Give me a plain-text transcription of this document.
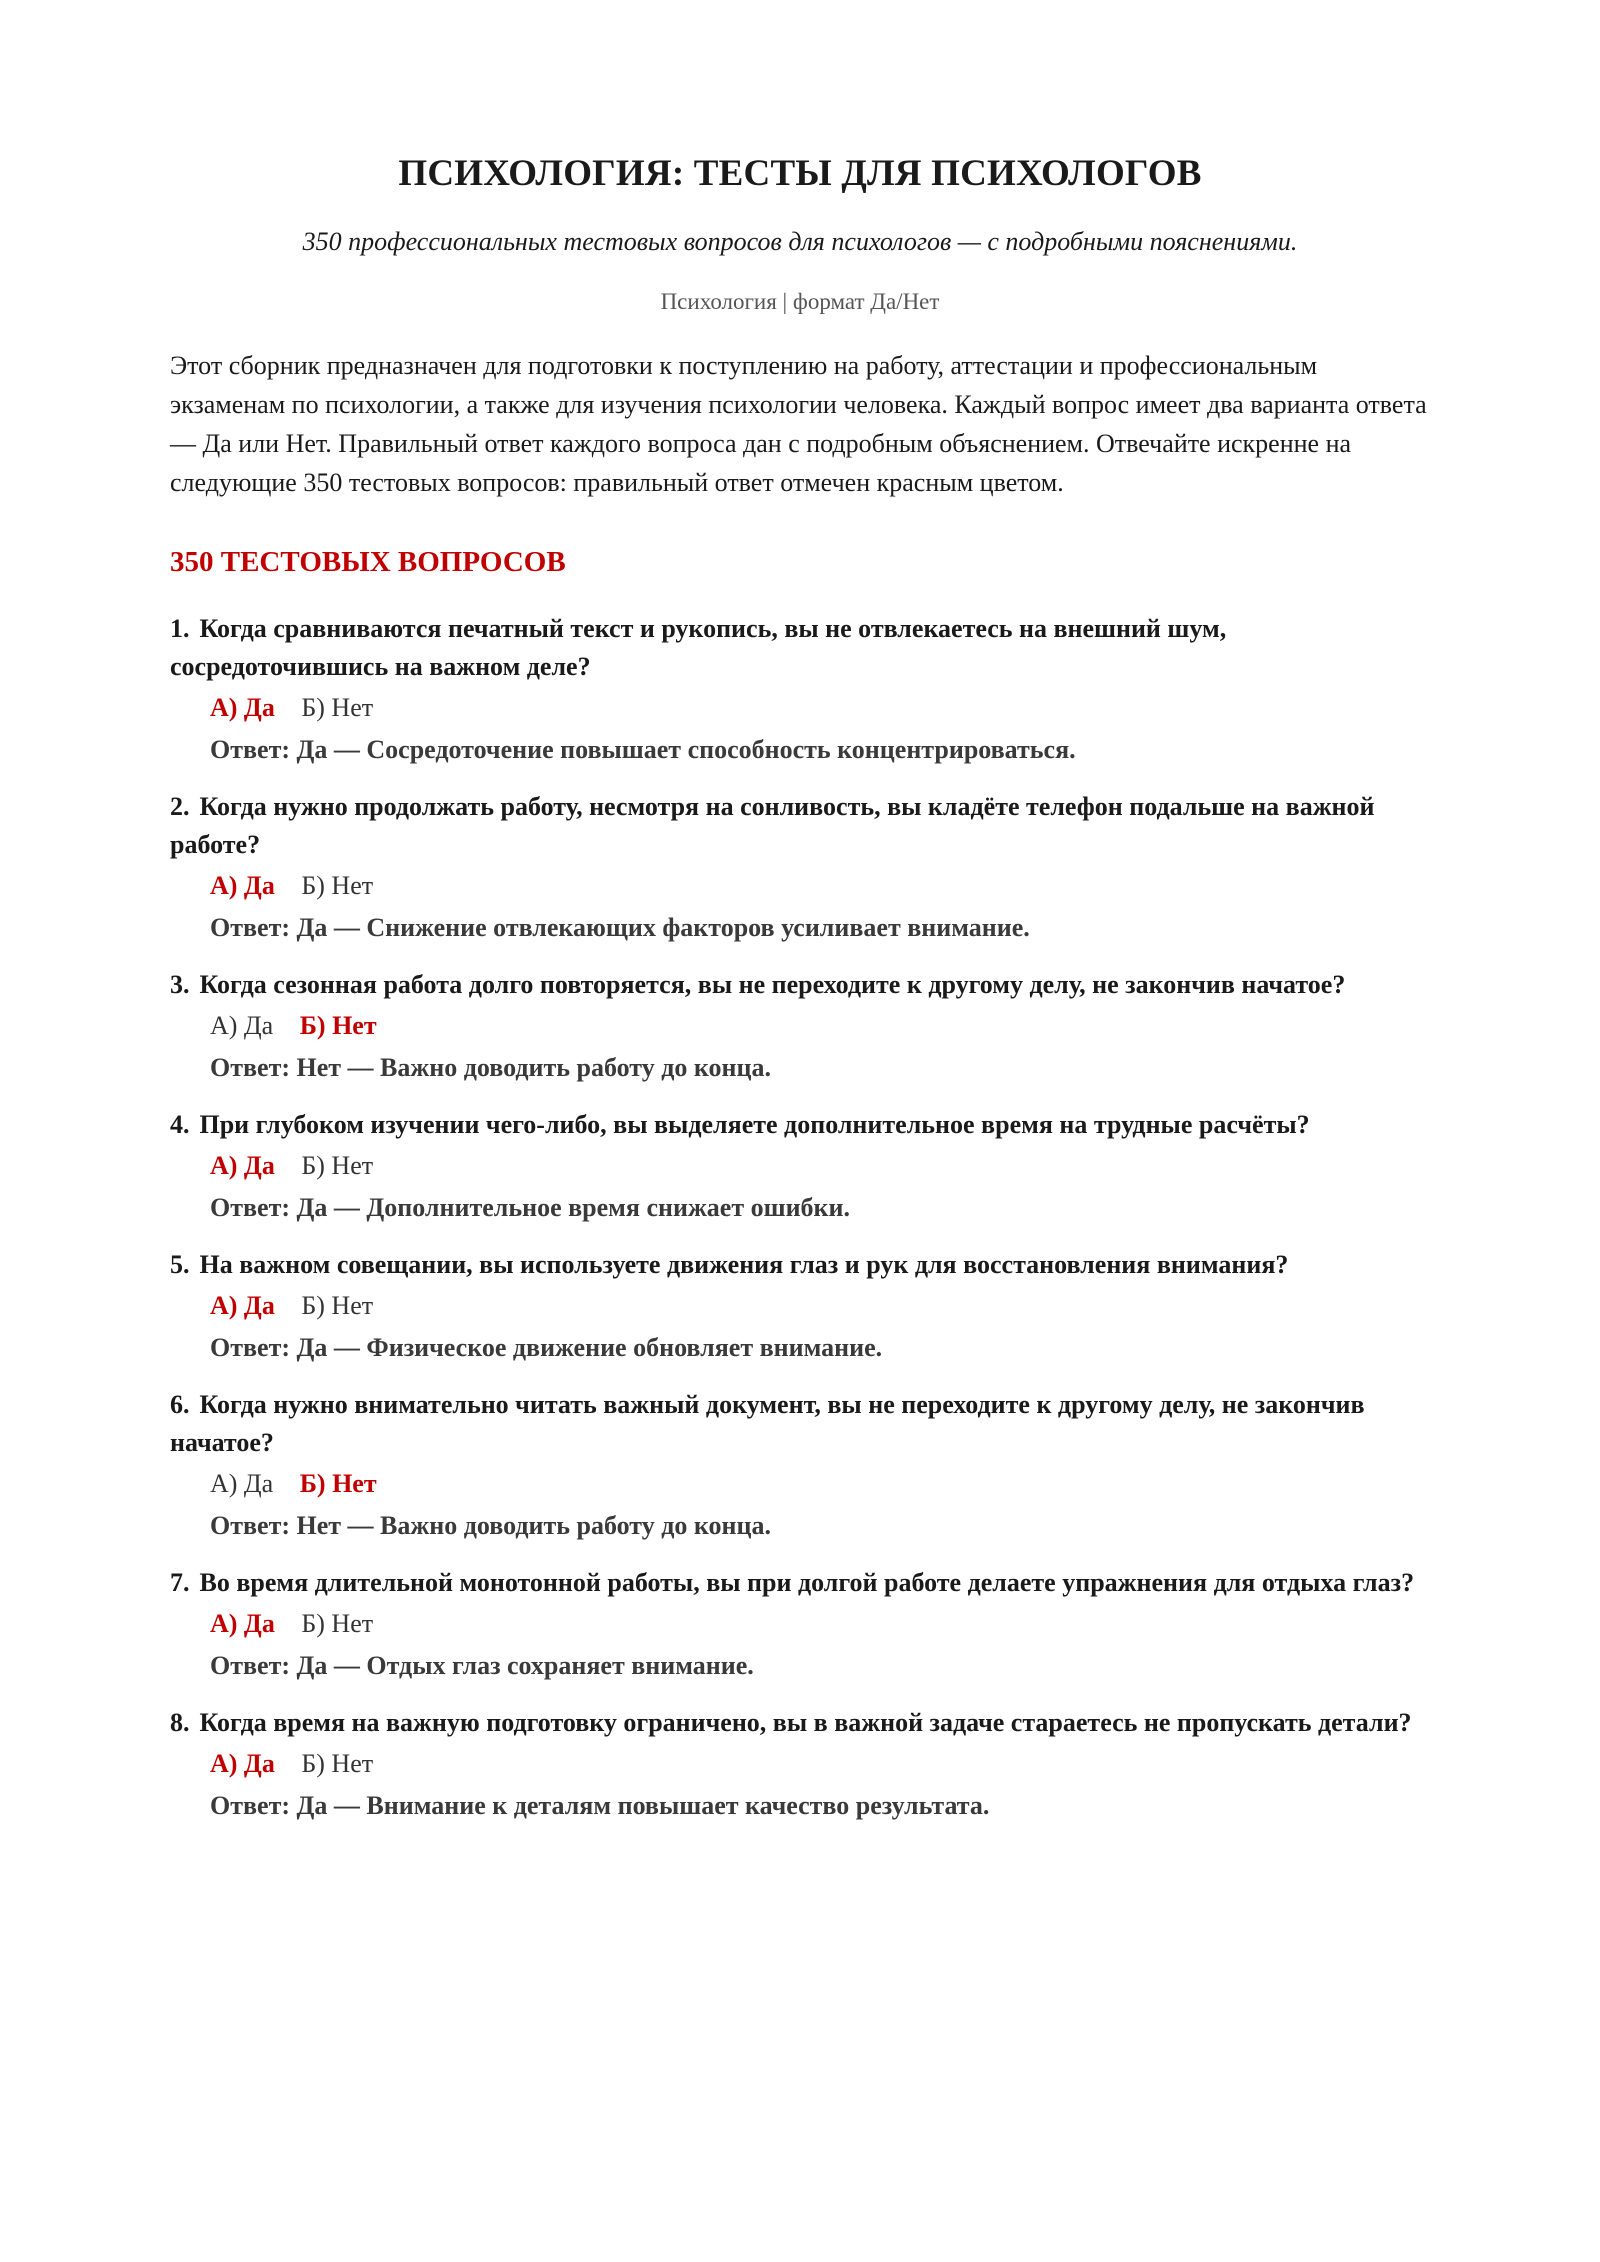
ПСИХОЛОГИЯ: ТЕСТЫ ДЛЯ ПСИХОЛОГОВ

350 профессиональных тестовых вопросов для психологов — с подробными пояснениями.

Психология | формат Да/Нет

Этот сборник предназначен для подготовки к поступлению на работу, аттестации и профессиональным экзаменам по психологии, а также для изучения психологии человека. Каждый вопрос имеет два варианта ответа — Да или Нет. Правильный ответ каждого вопроса дан с подробным объяснением. Отвечайте искренне на следующие 350 тестовых вопросов: правильный ответ отмечен красным цветом.

350 ТЕСТОВЫХ ВОПРОСОВ

1. Когда сравниваются печатный текст и рукопись, вы не отвлекаетесь на внешний шум, сосредоточившись на важном деле?

А) Да Б) Нет
Ответ: Да — Сосредоточение повышает способность концентрироваться.

2. Когда нужно продолжать работу, несмотря на сонливость, вы кладёте телефон подальше на важной работе?

А) Да Б) Нет
Ответ: Да — Снижение отвлекающих факторов усиливает внимание.

3. Когда сезонная работа долго повторяется, вы не переходите к другому делу, не закончив начатое?

А) Да Б) Нет
Ответ: Нет — Важно доводить работу до конца.

4. При глубоком изучении чего-либо, вы выделяете дополнительное время на трудные расчёты?

А) Да Б) Нет
Ответ: Да — Дополнительное время снижает ошибки.

5. На важном совещании, вы используете движения глаз и рук для восстановления внимания?

А) Да Б) Нет
Ответ: Да — Физическое движение обновляет внимание.

6. Когда нужно внимательно читать важный документ, вы не переходите к другому делу, не закончив начатое?

А) Да Б) Нет
Ответ: Нет — Важно доводить работу до конца.

7. Во время длительной монотонной работы, вы при долгой работе делаете упражнения для отдыха глаз?

А) Да Б) Нет
Ответ: Да — Отдых глаз сохраняет внимание.

8. Когда время на важную подготовку ограничено, вы в важной задаче стараетесь не пропускать детали?

А) Да Б) Нет
Ответ: Да — Внимание к деталям повышает качество результата.
